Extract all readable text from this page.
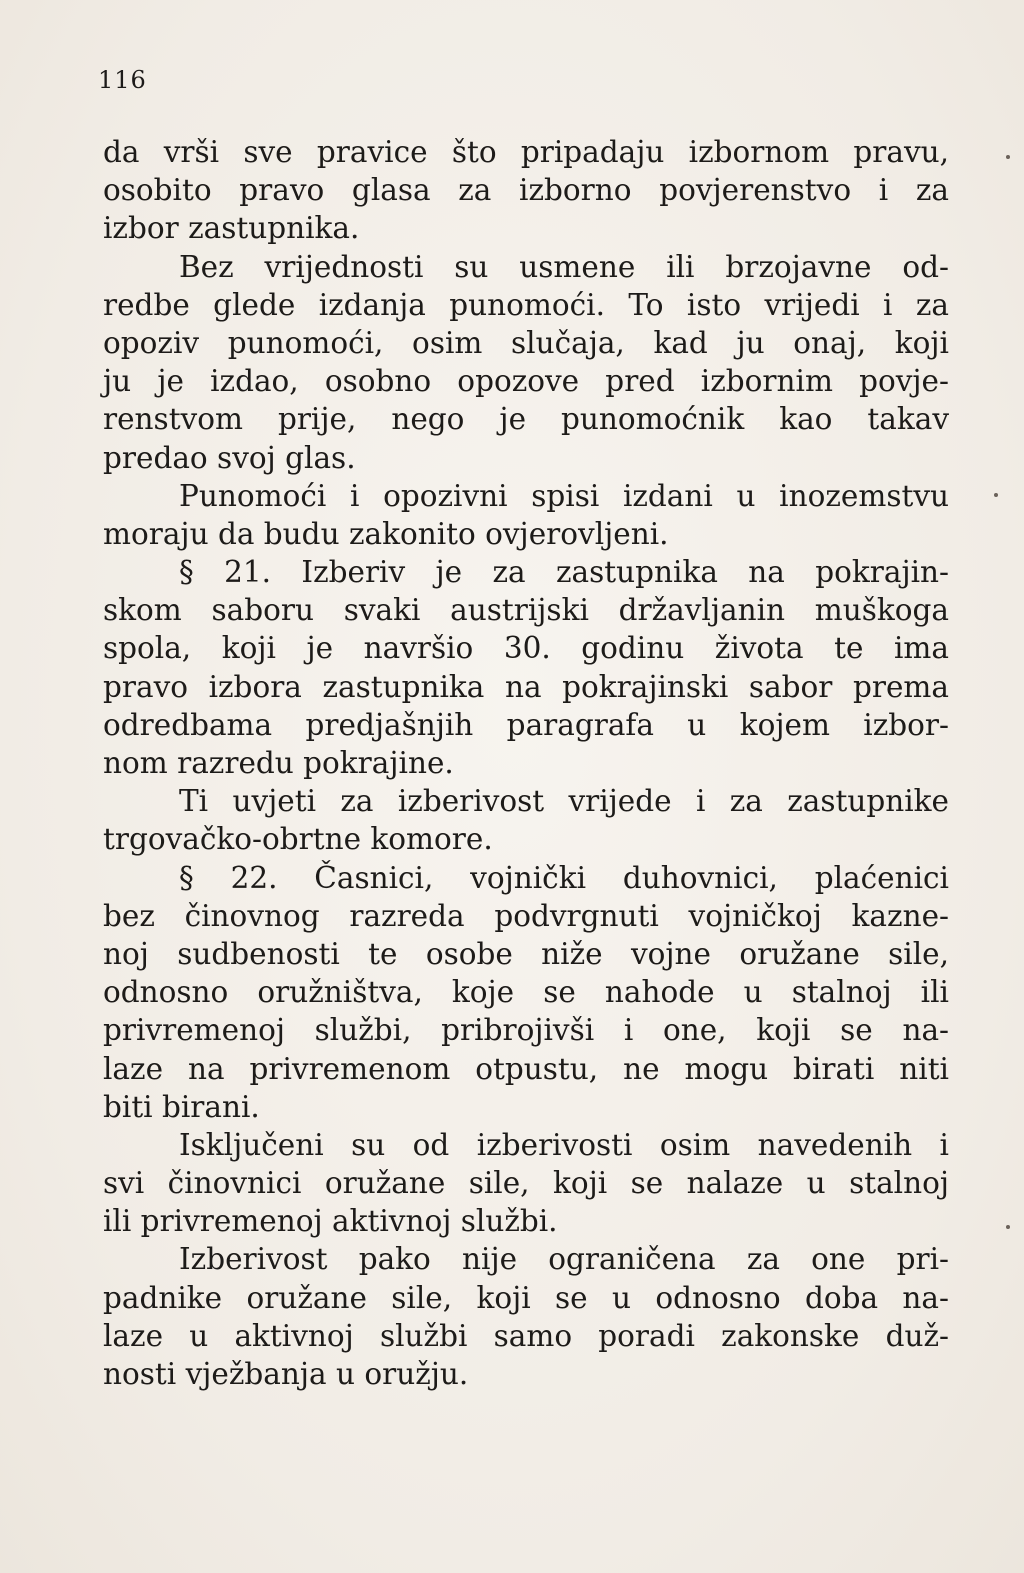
116
da vrši sve pravice što pripadaju izbornom pravu,
osobito pravo glasa za izborno povjerenstvo i za
izbor zastupnika.
Bez vrijednosti su usmene ili brzojavne od-
redbe glede izdanja punomoći. To isto vrijedi i za
opoziv punomoći, osim slučaja, kad ju onaj, koji
ju je izdao, osobno opozove pred izbornim povje-
renstvom prije, nego je punomoćnik kao takav
predao svoj glas.
Punomoći i opozivni spisi izdani u inozemstvu
moraju da budu zakonito ovjerovljeni.
§ 21. Izberiv je za zastupnika na pokrajin-
skom saboru svaki austrijski državljanin muškoga
spola, koji je navršio 30. godinu života te ima
pravo izbora zastupnika na pokrajinski sabor prema
odredbama predjašnjih paragrafa u kojem izbor-
nom razredu pokrajine.
Ti uvjeti za izberivost vrijede i za zastupnike
trgovačko-obrtne komore.
§ 22. Časnici, vojnički duhovnici, plaćenici
bez činovnog razreda podvrgnuti vojničkoj kazne-
noj sudbenosti te osobe niže vojne oružane sile,
odnosno oružništva, koje se nahode u stalnoj ili
privremenoj službi, pribrojivši i one, koji se na-
laze na privremenom otpustu, ne mogu birati niti
biti birani.
Isključeni su od izberivosti osim navedenih i
svi činovnici oružane sile, koji se nalaze u stalnoj
ili privremenoj aktivnoj službi.
Izberivost pako nije ograničena za one pri-
padnike oružane sile, koji se u odnosno doba na-
laze u aktivnoj službi samo poradi zakonske duž-
nosti vježbanja u oružju.
